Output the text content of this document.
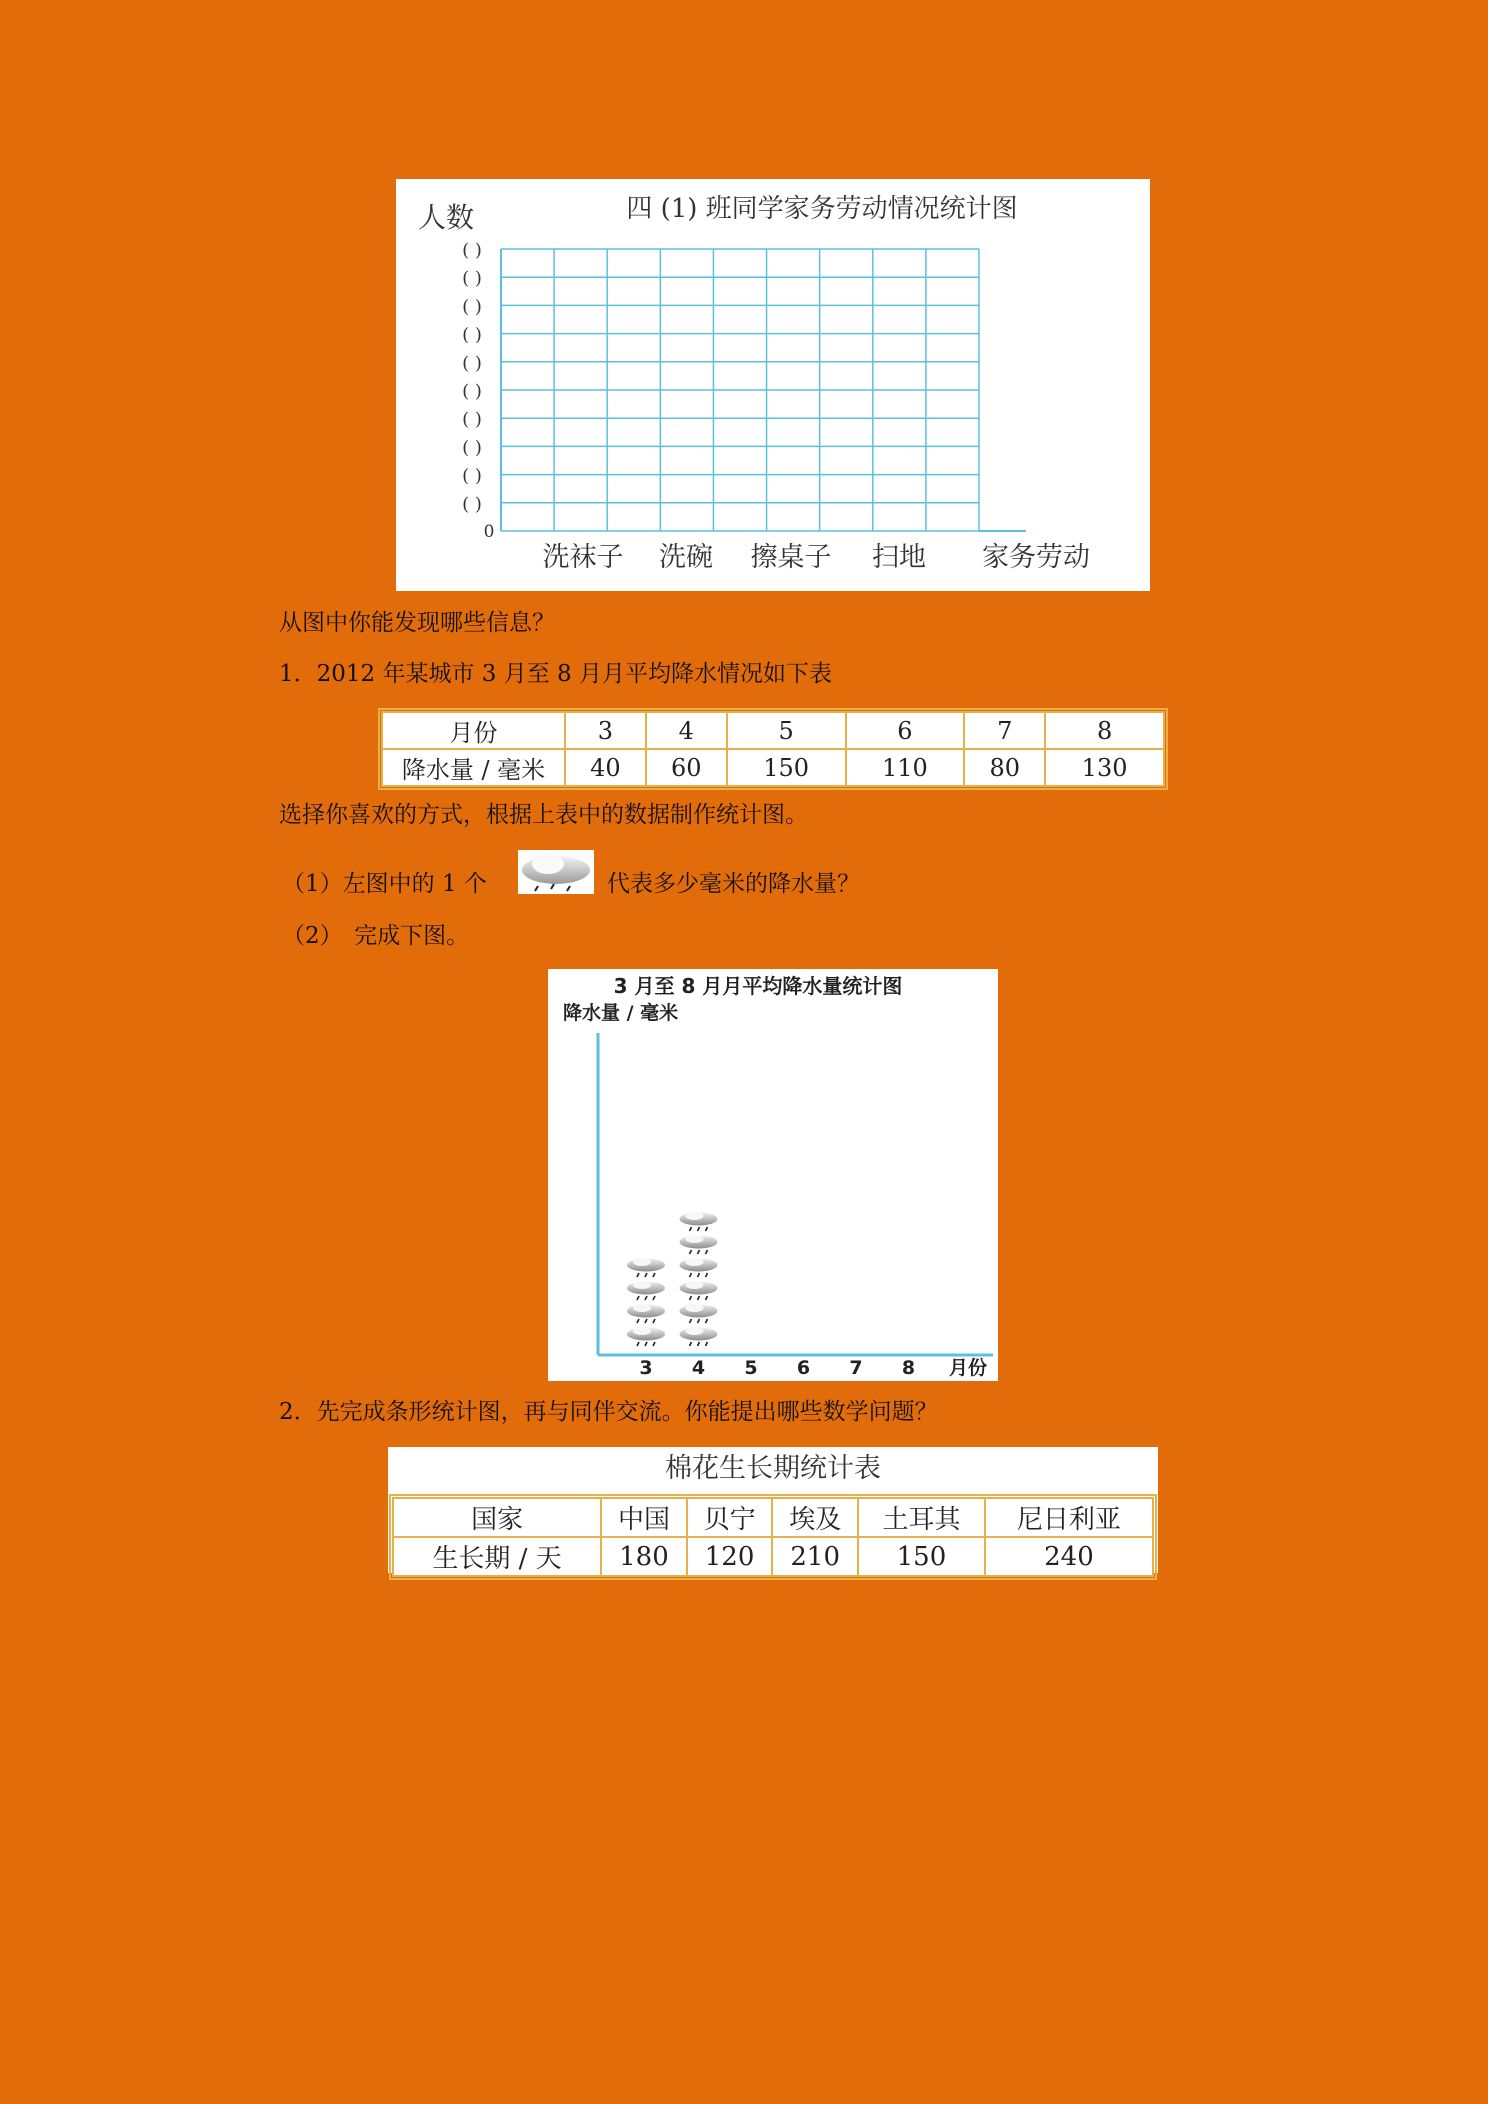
四 (1) 班同学家务劳动情况统计图
人数
( )
( )
( )
( )
( )
( )
( )
( )
( )
( )
0
洗袜子 洗碗 擦桌子 扫地 家务劳动
从图中你能发现哪些信息？
1．2012 年某城市 3 月至 8 月月平均降水情况如下表
月份	3	4	5	6	7	8
降水量 / 毫米	40	60	150	110	80	130
选择你喜欢的方式，根据上表中的数据制作统计图。
（1）左图中的 1 个	代表多少毫米的降水量？
（2）　完成下图。
3 月至 8 月月平均降水量统计图
降水量 / 毫米
3 4 5 6 7 8 月份
2．先完成条形统计图，再与同伴交流。你能提出哪些数学问题？
棉花生长期统计表
国家	中国	贝宁	埃及	土耳其	尼日利亚
生长期 / 天	180	120	210	150	240
